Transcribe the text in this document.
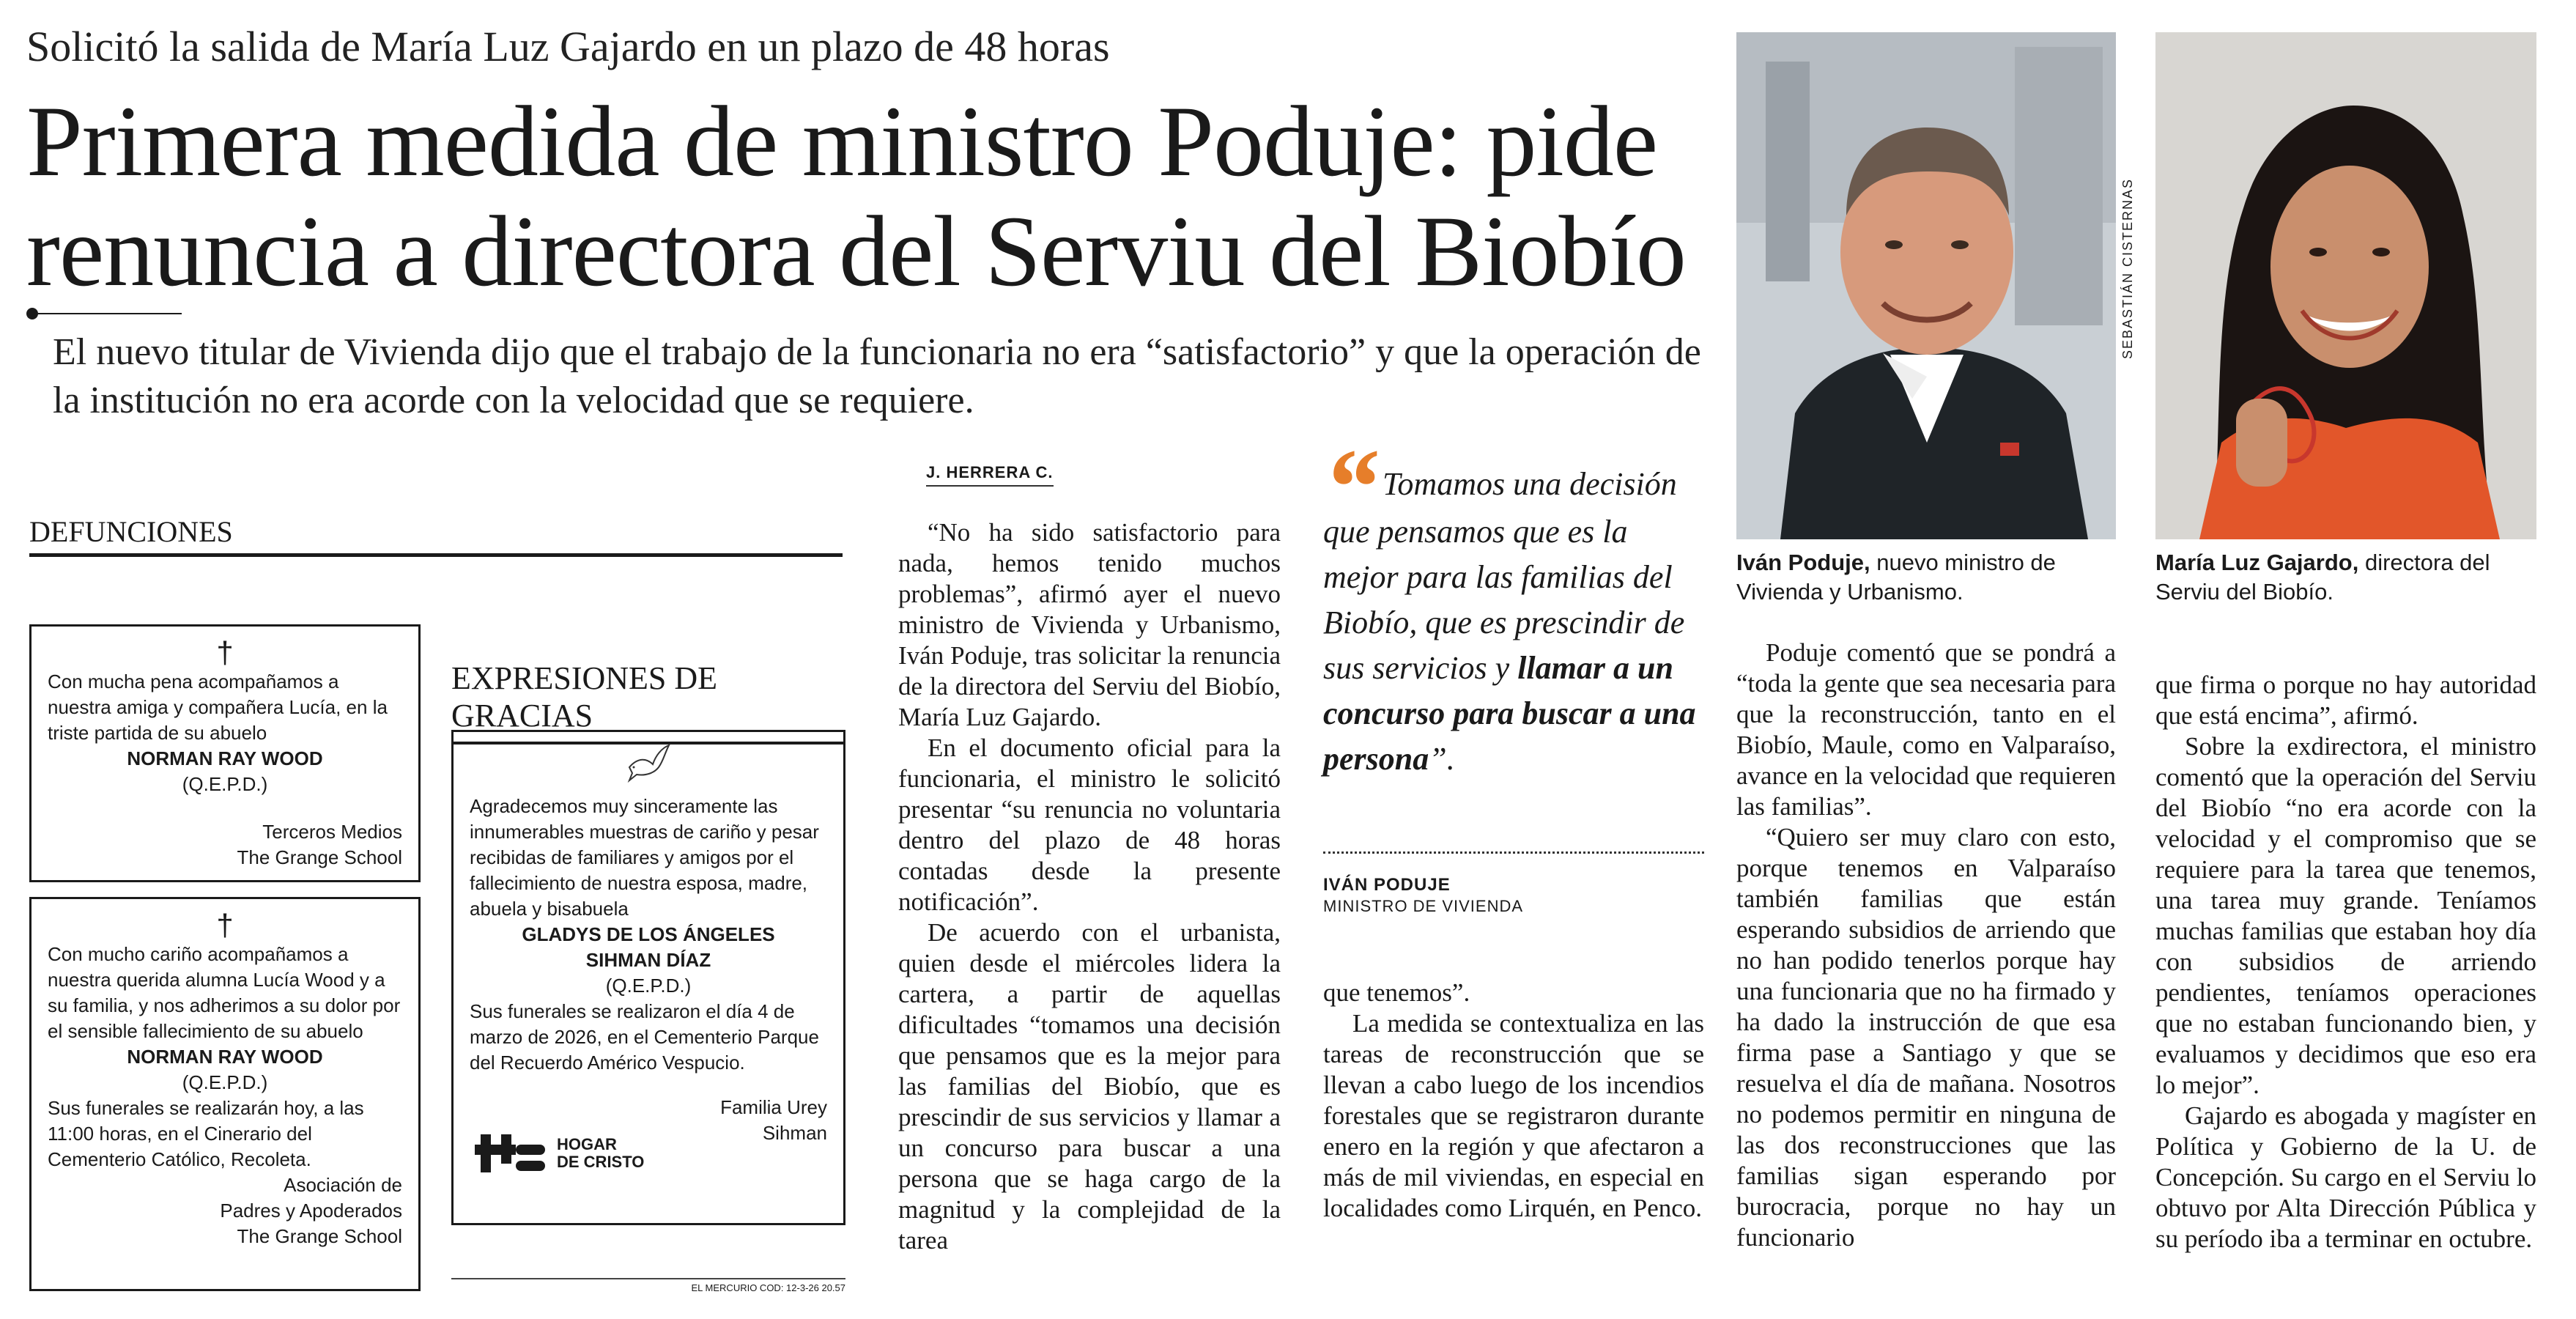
Solicitó la salida de María Luz Gajardo en un plazo de 48 horas
Primera medida de ministro Poduje: pide renuncia a directora del Serviu del Biobío
El nuevo titular de Vivienda dijo que el trabajo de la funcionaria no era “satisfactorio” y que la operación de la institución no era acorde con la velocidad que se requiere.
DEFUNCIONES
†
Con mucha pena acompañamos a nuestra amiga y compañera Lucía, en la triste partida de su abuelo
NORMAN RAY WOOD
(Q.E.P.D.)
Terceros Medios
The Grange School
†
Con mucho cariño acompañamos a nuestra querida alumna Lucía Wood y a su familia, y nos adherimos a su dolor por el sensible fallecimiento de su abuelo
NORMAN RAY WOOD
(Q.E.P.D.)
Sus funerales se realizarán hoy, a las 11:00 horas, en el Cinerario del Cementerio Católico, Recoleta.
Asociación de
Padres y Apoderados
The Grange School
EXPRESIONES DE GRACIAS
Agradecemos muy sinceramente las innumerables muestras de cariño y pesar recibidas de familiares y amigos por el fallecimiento de nuestra esposa, madre, abuela y bisabuela
GLADYS DE LOS ÁNGELES
SIHMAN DÍAZ
(Q.E.P.D.)
Sus funerales se realizaron el día 4 de marzo de 2026, en el Cementerio Parque del Recuerdo Américo Vespucio.
Familia Urey
Sihman
HOGAR
DE CRISTO
EL MERCURIO COD: 12-3-26 20.57
J. HERRERA C.

“No ha sido satisfactorio para nada, hemos tenido muchos problemas”, afirmó ayer el nuevo ministro de Vivienda y Urbanismo, Iván Poduje, tras solicitar la renuncia de la directora del Serviu del Biobío, María Luz Gajardo.

En el documento oficial para la funcionaria, el ministro le solicitó presentar “su renuncia no voluntaria dentro del plazo de 48 horas contadas desde la presente notificación”.

De acuerdo con el urbanista, quien desde el miércoles lidera la cartera, a partir de aquellas dificultades “tomamos una decisión que pensamos que es la mejor para las familias del Biobío, que es prescindir de sus servicios y llamar a un concurso para buscar a una persona que se haga cargo de la magnitud y la complejidad de la tarea

“ Tomamos una decisión que pensamos que es la mejor para las familias del Biobío, que es prescindir de sus servicios y llamar a un concurso para buscar a una persona”.
IVÁN PODUJE
MINISTRO DE VIVIENDA

que tenemos”.

La medida se contextualiza en las tareas de reconstrucción que se llevan a cabo luego de los incendios forestales que se registraron durante enero en la región y que afectaron a más de mil viviendas, en especial en localidades como Lirquén, en Penco.

SEBASTIÁN CISTERNAS
Iván Poduje, nuevo ministro de Vivienda y Urbanismo.
María Luz Gajardo, directora del Serviu del Biobío.

Poduje comentó que se pondrá a “toda la gente que sea necesaria para que la reconstrucción, tanto en el Biobío, Maule, como en Valparaíso, avance en la velocidad que requieren las familias”.

“Quiero ser muy claro con esto, porque tenemos en Valparaíso también familias que están esperando subsidios de arriendo que no han podido tenerlos porque hay una funcionaria que no ha firmado y ha dado la instrucción de que esa firma pase a Santiago y que se resuelva el día de mañana. Nosotros no podemos permitir en ninguna de las dos reconstrucciones que las familias sigan esperando por burocracia, porque no hay un funcionario

que firma o porque no hay autoridad que está encima”, afirmó.

Sobre la exdirectora, el ministro comentó que la operación del Serviu del Biobío “no era acorde con la velocidad y el compromiso que se requiere para la tarea que tenemos, una tarea muy grande. Teníamos muchas familias que estaban hoy día con subsidios de arriendo pendientes, teníamos operaciones que no estaban funcionando bien, y evaluamos y decidimos que eso era lo mejor”.

Gajardo es abogada y magíster en Política y Gobierno de la U. de Concepción. Su cargo en el Serviu lo obtuvo por Alta Dirección Pública y su período iba a terminar en octubre.
